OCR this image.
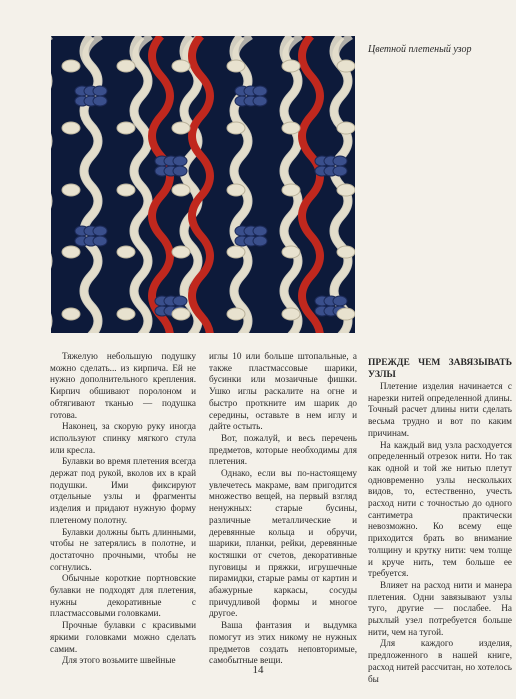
Цветной плетеный узор

Тяжелую небольшую подушку можно сделать... из кирпича. Ей не нужно дополнительного крепления. Кирпич обшивают поролоном и обтягивают тканью — подушка готова.

Наконец, за скорую руку иногда используют спинку мягкого стула или кресла.

Булавки во время плетения всегда держат под рукой, вколов их в край подушки. Ими фиксируют отдельные узлы и фрагменты изделия и придают нужную форму плетеному полотну.

Булавки должны быть длинными, чтобы не затерялись в полотне, и достаточно прочными, чтобы не согнулись.

Обычные короткие портновские булавки не подходят для плетения, нужны декоративные с пластмассовыми головками.

Прочные булавки с красивыми яркими головками можно сделать самим.

Для этого возьмите швейные

иглы 10 или больше штопальные, а также пластмассовые шарики, бусинки или мозаичные фишки. Ушко иглы раскалите на огне и быстро проткните им шарик до середины, оставьте в нем иглу и дайте остыть.

Вот, пожалуй, и весь перечень предметов, которые необходимы для плетения.

Однако, если вы по-настоящему увлечетесь макраме, вам пригодится множество вещей, на первый взгляд ненужных: старые бусины, различные металлические и деревянные кольца и обручи, шарики, планки, рейки, деревянные костяшки от счетов, декоративные пуговицы и пряжки, игрушечные пирамидки, старые рамы от картин и абажурные каркасы, сосуды причудливой формы и многое другое.

Ваша фантазия и выдумка помогут из этих никому не нужных предметов создать неповторимые, самобытные вещи.

ПРЕЖДЕ ЧЕМ ЗАВЯЗЫВАТЬ УЗЛЫ

Плетение изделия начинается с нарезки нитей определенной длины. Точный расчет длины нити сделать весьма трудно и вот по каким причинам.

На каждый вид узла расходуется определенный отрезок нити. Но так как одной и той же нитью плетут одновременно узлы нескольких видов, то, естественно, учесть расход нити с точностью до одного сантиметра практически невозможно. Ко всему еще приходится брать во внимание толщину и крутку нити: чем толще и круче нить, тем больше ее требуется.

Влияет на расход нити и манера плетения. Одни завязывают узлы туго, другие — послабее. На рыхлый узел потребуется больше нити, чем на тугой.

Для каждого изделия, предложенного в нашей книге, расход нитей рассчитан, но хотелось бы

14
